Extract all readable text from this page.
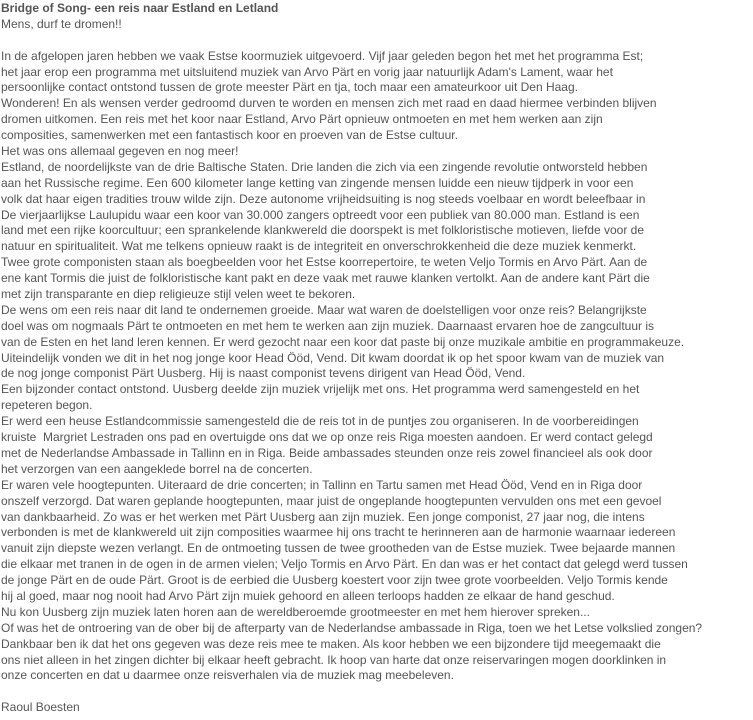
Bridge of Song- een reis naar Estland en Letland
Mens, durf te dromen!!
In de afgelopen jaren hebben we vaak Estse koormuziek uitgevoerd. Vijf jaar geleden begon het met het programma Est;
het jaar erop een programma met uitsluitend muziek van Arvo Pärt en vorig jaar natuurlijk Adam's Lament, waar het
persoonlijke contact ontstond tussen de grote meester Pärt en tja, toch maar een amateurkoor uit Den Haag.
Wonderen! En als wensen verder gedroomd durven te worden en mensen zich met raad en daad hiermee verbinden blijven
dromen uitkomen. Een reis met het koor naar Estland, Arvo Pärt opnieuw ontmoeten en met hem werken aan zijn
composities, samenwerken met een fantastisch koor en proeven van de Estse cultuur.
Het was ons allemaal gegeven en nog meer!
Estland, de noordelijkste van de drie Baltische Staten. Drie landen die zich via een zingende revolutie ontworsteld hebben
aan het Russische regime. Een 600 kilometer lange ketting van zingende mensen luidde een nieuw tijdperk in voor een
volk dat haar eigen tradities trouw wilde zijn. Deze autonome vrijheidsuiting is nog steeds voelbaar en wordt beleefbaar in
De vierjaarlijkse Laulupidu waar een koor van 30.000 zangers optreedt voor een publiek van 80.000 man. Estland is een
land met een rijke koorcultuur; een sprankelende klankwereld die doorspekt is met folkloristische motieven, liefde voor de
natuur en spiritualiteit. Wat me telkens opnieuw raakt is de integriteit en onverschrokkenheid die deze muziek kenmerkt.
Twee grote componisten staan als boegbeelden voor het Estse koorrepertoire, te weten Veljo Tormis en Arvo Pärt. Aan de
ene kant Tormis die juist de folkloristische kant pakt en deze vaak met rauwe klanken vertolkt. Aan de andere kant Pärt die
met zijn transparante en diep religieuze stijl velen weet te bekoren.
De wens om een reis naar dit land te ondernemen groeide. Maar wat waren de doelstelligen voor onze reis? Belangrijkste
doel was om nogmaals Pärt te ontmoeten en met hem te werken aan zijn muziek. Daarnaast ervaren hoe de zangcultuur is
van de Esten en het land leren kennen. Er werd gezocht naar een koor dat paste bij onze muzikale ambitie en programmakeuze.
Uiteindelijk vonden we dit in het nog jonge koor Head Ööd, Vend. Dit kwam doordat ik op het spoor kwam van de muziek van
de nog jonge componist Pärt Uusberg. Hij is naast componist tevens dirigent van Head Ööd, Vend.
Een bijzonder contact ontstond. Uusberg deelde zijn muziek vrijelijk met ons. Het programma werd samengesteld en het
repeteren begon.
Er werd een heuse Estlandcommissie samengesteld die de reis tot in de puntjes zou organiseren. In de voorbereidingen
kruiste  Margriet Lestraden ons pad en overtuigde ons dat we op onze reis Riga moesten aandoen. Er werd contact gelegd
met de Nederlandse Ambassade in Tallinn en in Riga. Beide ambassades steunden onze reis zowel financieel als ook door
het verzorgen van een aangeklede borrel na de concerten.
Er waren vele hoogtepunten. Uiteraard de drie concerten; in Tallinn en Tartu samen met Head Ööd, Vend en in Riga door
onszelf verzorgd. Dat waren geplande hoogtepunten, maar juist de ongeplande hoogtepunten vervulden ons met een gevoel
van dankbaarheid. Zo was er het werken met Pärt Uusberg aan zijn muziek. Een jonge componist, 27 jaar nog, die intens
verbonden is met de klankwereld uit zijn composities waarmee hij ons tracht te herinneren aan de harmonie waarnaar iedereen
vanuit zijn diepste wezen verlangt. En de ontmoeting tussen de twee grootheden van de Estse muziek. Twee bejaarde mannen
die elkaar met tranen in de ogen in de armen vielen; Veljo Tormis en Arvo Pärt. En dan was er het contact dat gelegd werd tussen
de jonge Pärt en de oude Pärt. Groot is de eerbied die Uusberg koestert voor zijn twee grote voorbeelden. Veljo Tormis kende
hij al goed, maar nog nooit had Arvo Pärt zijn muiek gehoord en alleen terloops hadden ze elkaar de hand geschud.
Nu kon Uusberg zijn muziek laten horen aan de wereldberoemde grootmeester en met hem hierover spreken...
Of was het de ontroering van de ober bij de afterparty van de Nederlandse ambassade in Riga, toen we het Letse volkslied zongen?
Dankbaar ben ik dat het ons gegeven was deze reis mee te maken. Als koor hebben we een bijzondere tijd meegemaakt die
ons niet alleen in het zingen dichter bij elkaar heeft gebracht. Ik hoop van harte dat onze reiservaringen mogen doorklinken in
onze concerten en dat u daarmee onze reisverhalen via de muziek mag meebeleven.
Raoul Boesten
